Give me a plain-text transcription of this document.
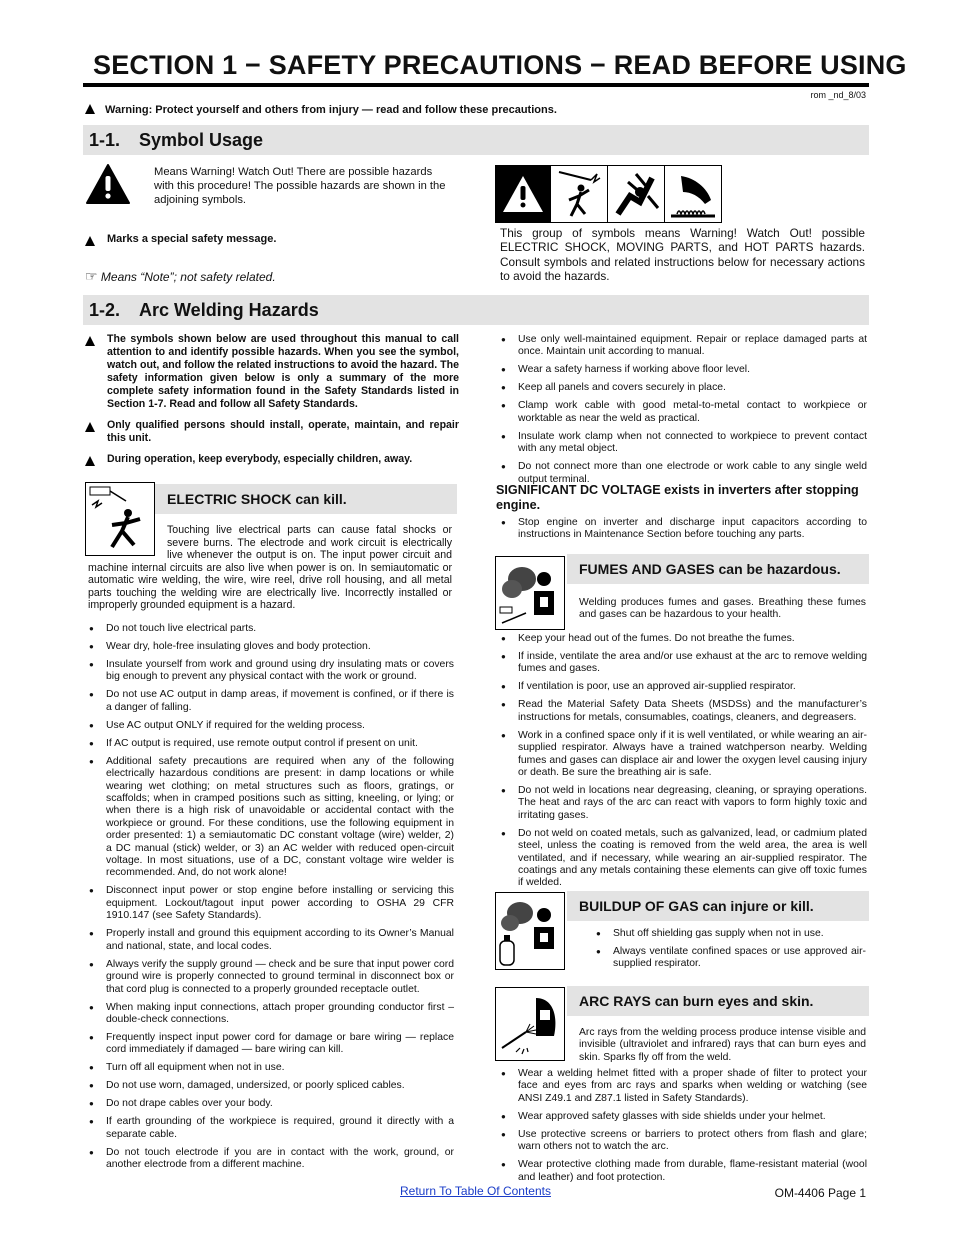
SECTION 1 − SAFETY PRECAUTIONS − READ BEFORE USING
rom _nd_8/03
Warning: Protect yourself and others from injury — read and follow these precautions.
1-1. Symbol Usage
Means Warning! Watch Out! There are possible hazards with this procedure! The possible hazards are shown in the adjoining symbols.
Marks a special safety message.
☞ Means “Note”; not safety related.
This group of symbols means Warning! Watch Out! possible ELECTRIC SHOCK, MOVING PARTS, and HOT PARTS hazards. Consult symbols and related instructions below for necessary actions to avoid the hazards.
1-2. Arc Welding Hazards
The symbols shown below are used throughout this manual to call attention to and identify possible hazards. When you see the symbol, watch out, and follow the related instructions to avoid the hazard. The safety information given below is only a summary of the more complete safety information found in the Safety Standards listed in Section 1-7. Read and follow all Safety Standards.
Only qualified persons should install, operate, maintain, and repair this unit.
During operation, keep everybody, especially children, away.
ELECTRIC SHOCK can kill.
Touching live electrical parts can cause fatal shocks or severe burns. The electrode and work circuit is electrically live whenever the output is on. The input power circuit and machine internal circuits are also live when power is on. In semiautomatic or automatic wire welding, the wire, wire reel, drive roll housing, and all metal parts touching the welding wire are electrically live. Incorrectly installed or improperly grounded equipment is a hazard.
● Do not touch live electrical parts.
● Wear dry, hole-free insulating gloves and body protection.
● Insulate yourself from work and ground using dry insulating mats or covers big enough to prevent any physical contact with the work or ground.
● Do not use AC output in damp areas, if movement is confined, or if there is a danger of falling.
● Use AC output ONLY if required for the welding process.
● If AC output is required, use remote output control if present on unit.
● Additional safety precautions are required when any of the following electrically hazardous conditions are present: in damp locations or while wearing wet clothing; on metal structures such as floors, gratings, or scaffolds; when in cramped positions such as sitting, kneeling, or lying; or when there is a high risk of unavoidable or accidental contact with the workpiece or ground. For these conditions, use the following equipment in order presented: 1) a semiautomatic DC constant voltage (wire) welder, 2) a DC manual (stick) welder, or 3) an AC welder with reduced open-circuit voltage. In most situations, use of a DC, constant voltage wire welder is recommended. And, do not work alone!
● Disconnect input power or stop engine before installing or servicing this equipment. Lockout/tagout input power according to OSHA 29 CFR 1910.147 (see Safety Standards).
● Properly install and ground this equipment according to its Owner’s Manual and national, state, and local codes.
● Always verify the supply ground — check and be sure that input power cord ground wire is properly connected to ground terminal in disconnect box or that cord plug is connected to a properly grounded receptacle outlet.
● When making input connections, attach proper grounding conductor first – double-check connections.
● Frequently inspect input power cord for damage or bare wiring — replace cord immediately if damaged — bare wiring can kill.
● Turn off all equipment when not in use.
● Do not use worn, damaged, undersized, or poorly spliced cables.
● Do not drape cables over your body.
● If earth grounding of the workpiece is required, ground it directly with a separate cable.
● Do not touch electrode if you are in contact with the work, ground, or another electrode from a different machine.
● Use only well-maintained equipment. Repair or replace damaged parts at once. Maintain unit according to manual.
● Wear a safety harness if working above floor level.
● Keep all panels and covers securely in place.
● Clamp work cable with good metal-to-metal contact to workpiece or worktable as near the weld as practical.
● Insulate work clamp when not connected to workpiece to prevent contact with any metal object.
● Do not connect more than one electrode or work cable to any single weld output terminal.
SIGNIFICANT DC VOLTAGE exists in inverters after stopping engine.
● Stop engine on inverter and discharge input capacitors according to instructions in Maintenance Section before touching any parts.
FUMES AND GASES can be hazardous.
Welding produces fumes and gases. Breathing these fumes and gases can be hazardous to your health.
● Keep your head out of the fumes. Do not breathe the fumes.
● If inside, ventilate the area and/or use exhaust at the arc to remove welding fumes and gases.
● If ventilation is poor, use an approved air-supplied respirator.
● Read the Material Safety Data Sheets (MSDSs) and the manufacturer’s instructions for metals, consumables, coatings, cleaners, and degreasers.
● Work in a confined space only if it is well ventilated, or while wearing an air-supplied respirator. Always have a trained watchperson nearby. Welding fumes and gases can displace air and lower the oxygen level causing injury or death. Be sure the breathing air is safe.
● Do not weld in locations near degreasing, cleaning, or spraying operations. The heat and rays of the arc can react with vapors to form highly toxic and irritating gases.
● Do not weld on coated metals, such as galvanized, lead, or cadmium plated steel, unless the coating is removed from the weld area, the area is well ventilated, and if necessary, while wearing an air-supplied respirator. The coatings and any metals containing these elements can give off toxic fumes if welded.
BUILDUP OF GAS can injure or kill.
● Shut off shielding gas supply when not in use.
● Always ventilate confined spaces or use approved air-supplied respirator.
ARC RAYS can burn eyes and skin.
Arc rays from the welding process produce intense visible and invisible (ultraviolet and infrared) rays that can burn eyes and skin. Sparks fly off from the weld.
● Wear a welding helmet fitted with a proper shade of filter to protect your face and eyes from arc rays and sparks when welding or watching (see ANSI Z49.1 and Z87.1 listed in Safety Standards).
● Wear approved safety glasses with side shields under your helmet.
● Use protective screens or barriers to protect others from flash and glare; warn others not to watch the arc.
● Wear protective clothing made from durable, flame-resistant material (wool and leather) and foot protection.
Return To Table Of Contents	OM-4406 Page 1
